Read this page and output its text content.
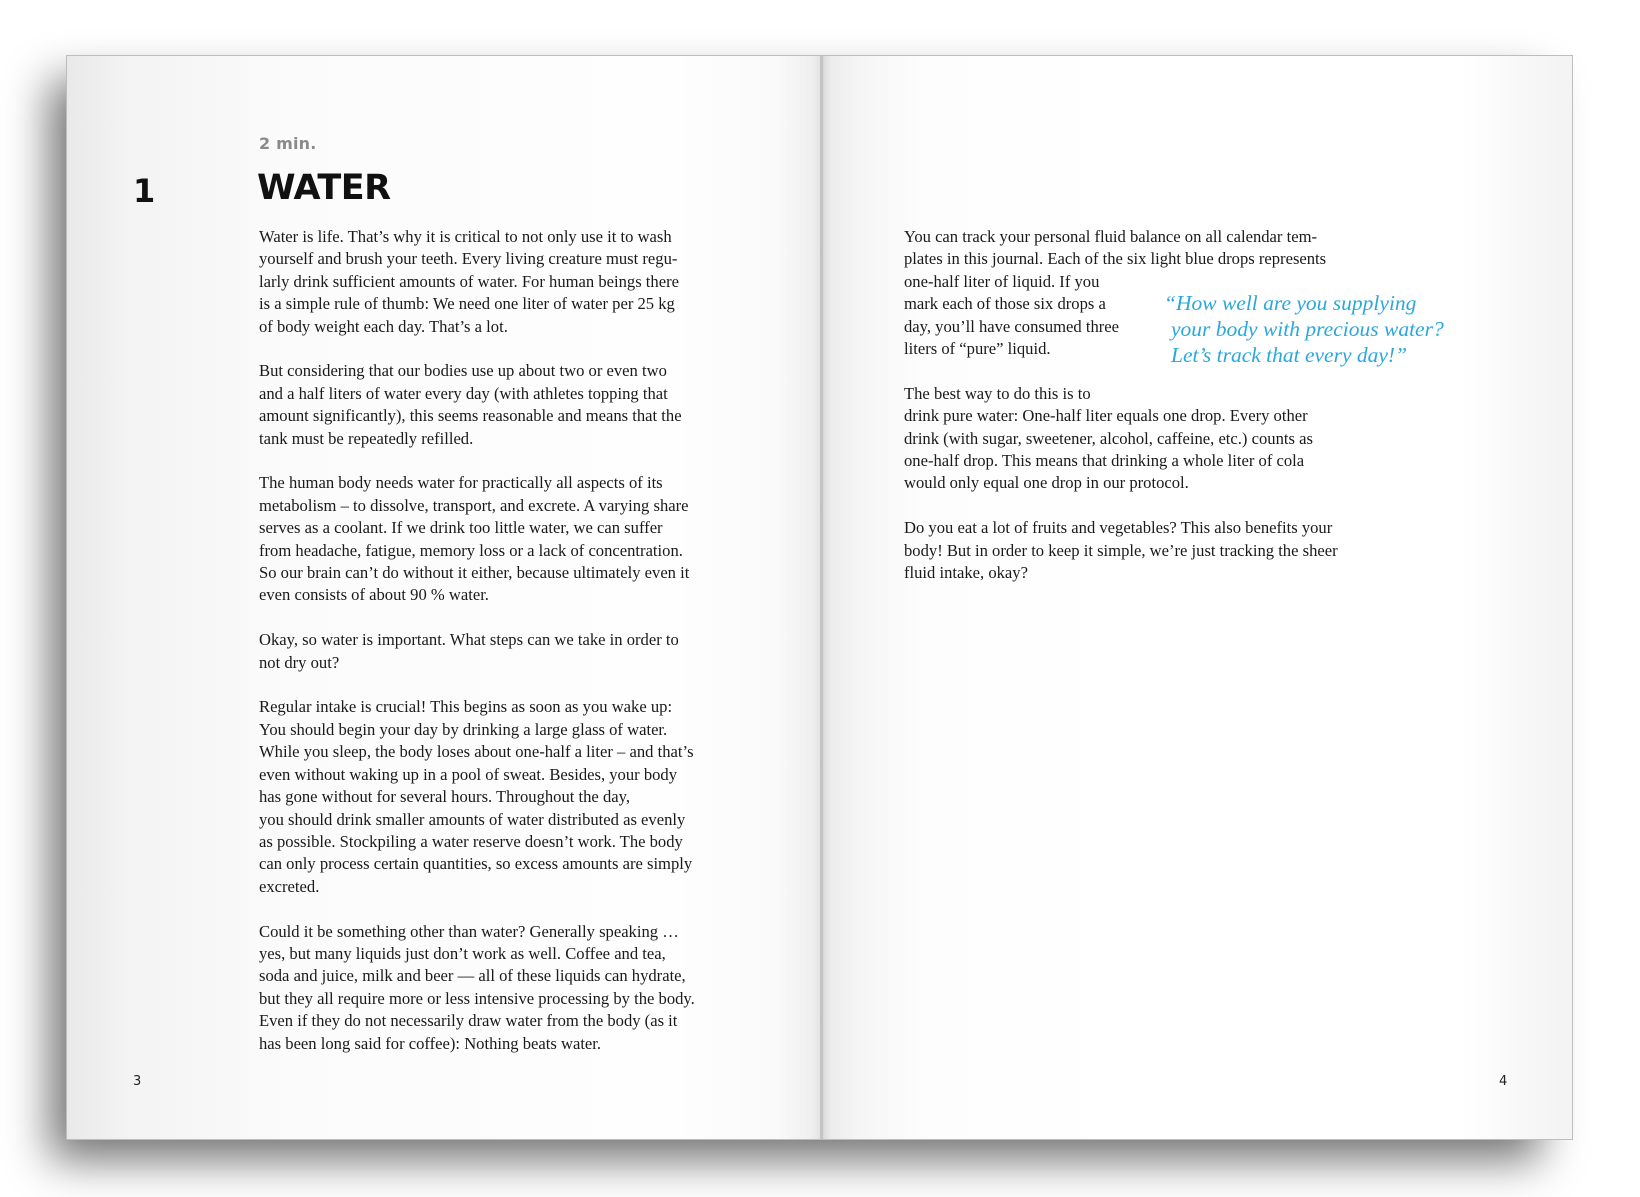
2 min.
1	WATER

Water is life. That’s why it is critical to not only use it to wash
yourself and brush your teeth. Every living creature must regu-
larly drink sufficient amounts of water. For human beings there
is a simple rule of thumb: We need one liter of water per 25 kg
of body weight each day. That’s a lot.

But considering that our bodies use up about two or even two
and a half liters of water every day (with athletes topping that
amount significantly), this seems reasonable and means that the
tank must be repeatedly refilled.

The human body needs water for practically all aspects of its
metabolism – to dissolve, transport, and excrete. A varying share
serves as a coolant. If we drink too little water, we can suffer
from headache, fatigue, memory loss or a lack of concentration.
So our brain can’t do without it either, because ultimately even it
even consists of about 90 % water.

Okay, so water is important. What steps can we take in order to
not dry out?

Regular intake is crucial! This begins as soon as you wake up:
You should begin your day by drinking a large glass of water.
While you sleep, the body loses about one-half a liter – and that’s
even without waking up in a pool of sweat. Besides, your body
has gone without for several hours. Throughout the day,
you should drink smaller amounts of water distributed as evenly
as possible. Stockpiling a water reserve doesn’t work. The body
can only process certain quantities, so excess amounts are simply
excreted.

Could it be something other than water? Generally speaking …
yes, but many liquids just don’t work as well. Coffee and tea,
soda and juice, milk and beer — all of these liquids can hydrate,
but they all require more or less intensive processing by the body.
Even if they do not necessarily draw water from the body (as it
has been long said for coffee): Nothing beats water.

3

You can track your personal fluid balance on all calendar tem-
plates in this journal. Each of the six light blue drops represents
one-half liter of liquid. If you
mark each of those six drops a
day, you’ll have consumed three
liters of “pure” liquid.

The best way to do this is to
drink pure water: One-half liter equals one drop. Every other
drink (with sugar, sweetener, alcohol, caffeine, etc.) counts as
one-half drop. This means that drinking a whole liter of cola
would only equal one drop in our protocol.

Do you eat a lot of fruits and vegetables? This also benefits your
body! But in order to keep it simple, we’re just tracking the sheer
fluid intake, okay?

“How well are you supplying
your body with precious water?
Let’s track that every day!”
4
